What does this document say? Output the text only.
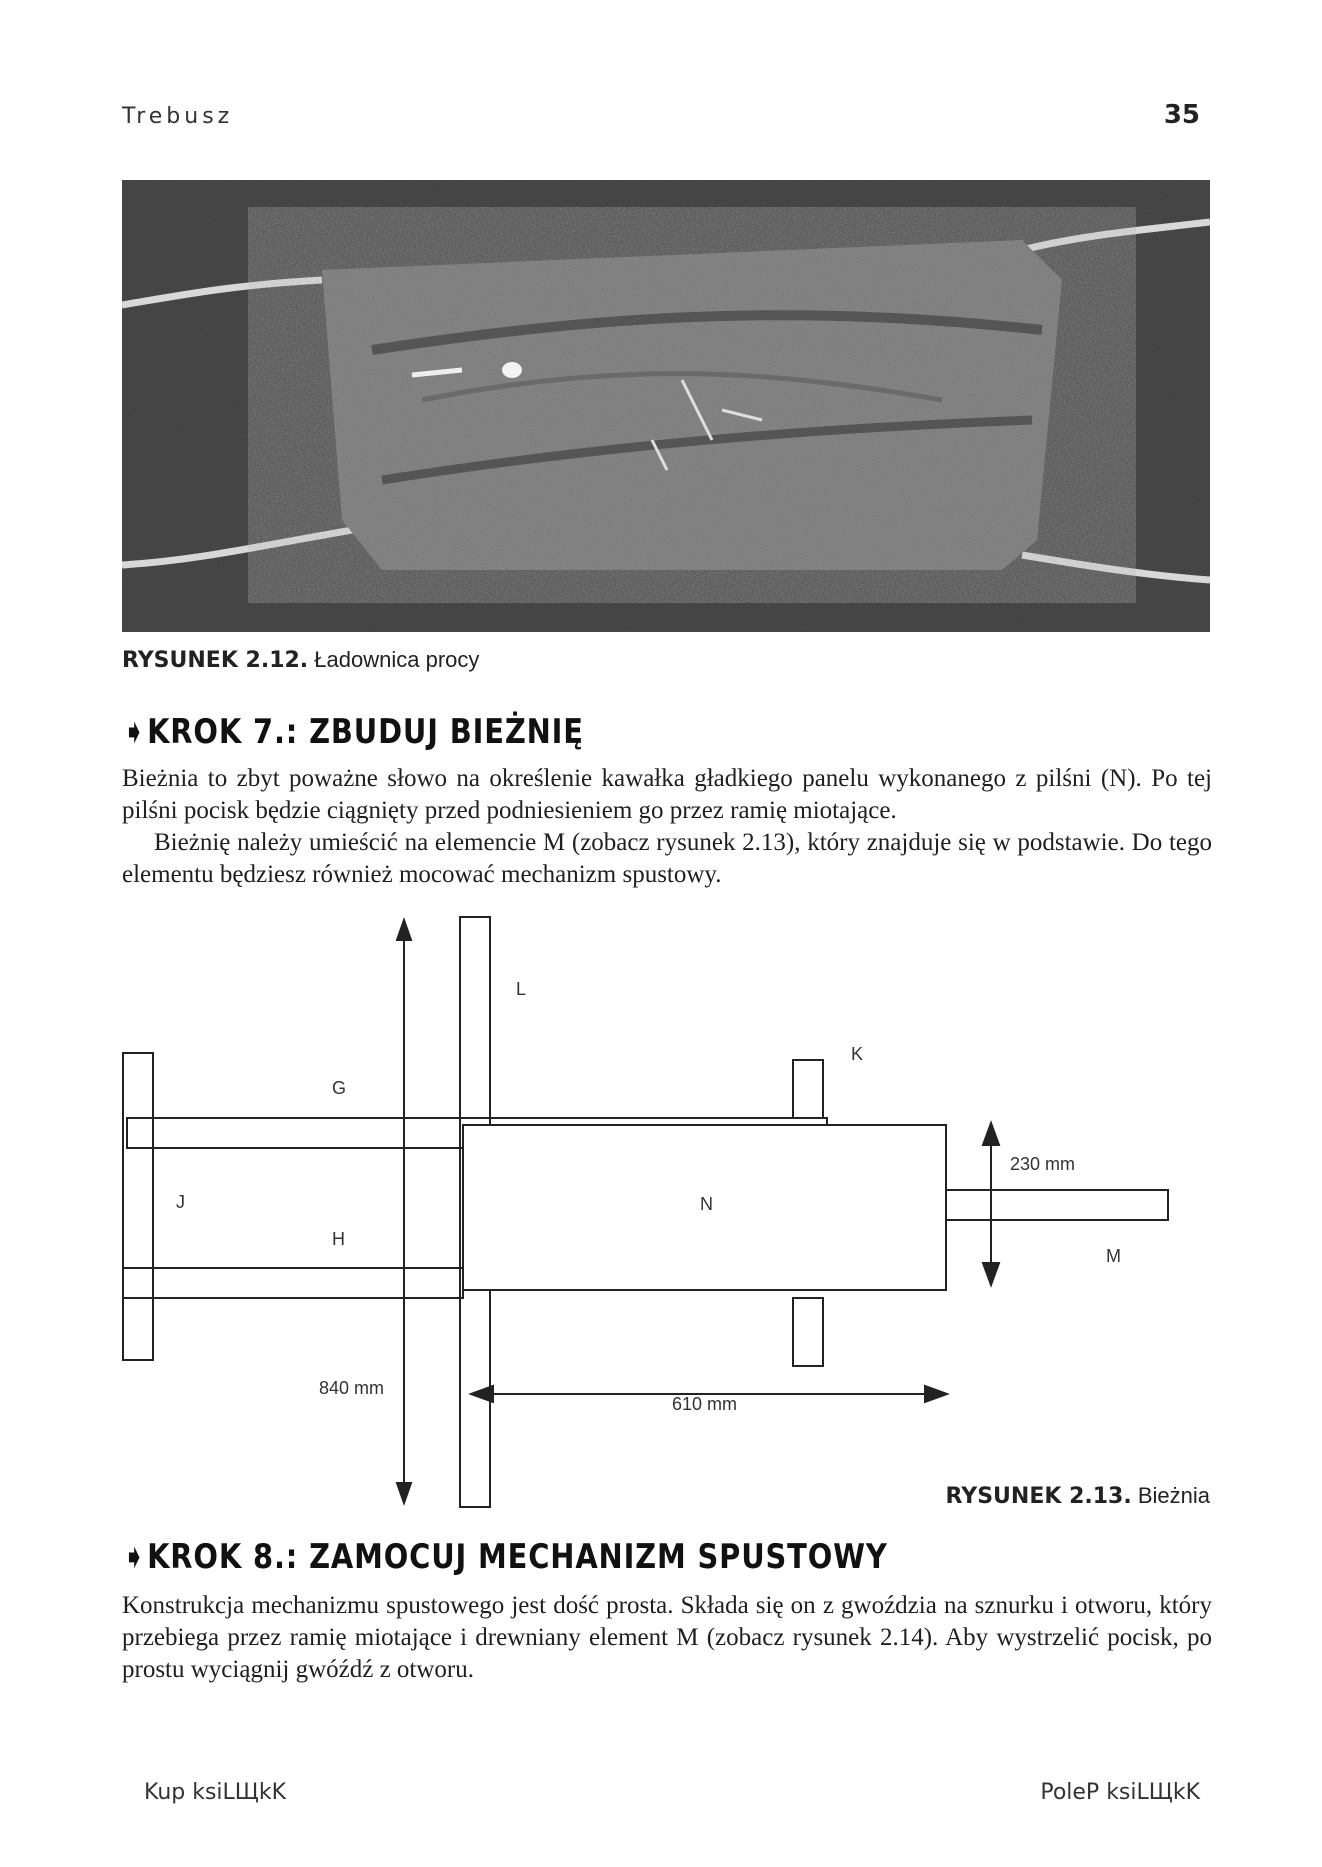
Trebusz	35
RYSUNEK 2.12. Ładownica procy
➧KROK 7.: ZBUDUJ BIEŻNIĘ

Bieżnia to zbyt poważne słowo na określenie kawałka gładkiego panelu wykonanego z pilśni (N). Po tej pilśni pocisk będzie ciągnięty przed podniesieniem go przez ramię miotające.

Bieżnię należy umieścić na elemencie M (zobacz rysunek 2.13), który znajduje się w podstawie. Do tego elementu będziesz również mocować mechanizm spustowy.

L
K
G
J
H
N
M
230 mm
840 mm
610 mm
RYSUNEK 2.13. Bieżnia
➧KROK 8.: ZAMOCUJ MECHANIZM SPUSTOWY

Konstrukcja mechanizmu spustowego jest dość prosta. Składa się on z gwoździa na sznurku i otworu, który przebiega przez ramię miotające i drewniany element M (zobacz rysunek 2.14). Aby wystrzelić pocisk, po prostu wyciągnij gwóźdź z otworu.

Kup ksiLЩkK	PoleP ksiLЩkK
